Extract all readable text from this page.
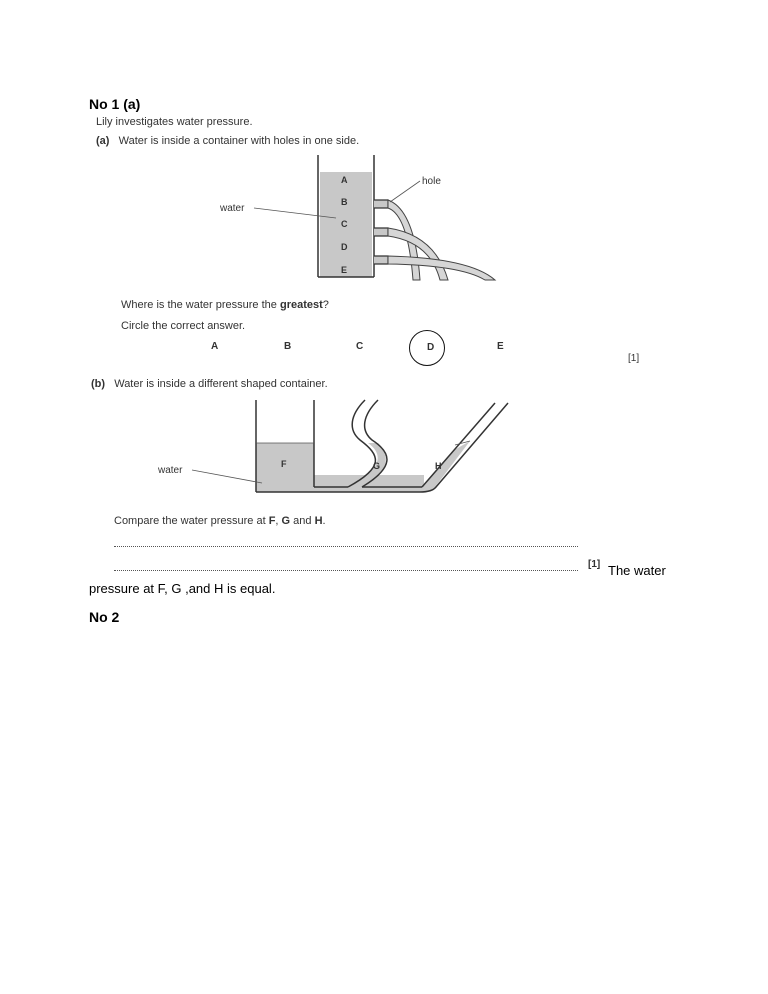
No 1 (a)
Lily investigates water pressure.
(a) Water is inside a container with holes in one side.
A
B
C
D
E
water
hole
Where is the water pressure the greatest?
Circle the correct answer.
A	B	C	D	E
[1]
(b) Water is inside a different shaped container.
F	G	H
water
Compare the water pressure at F, G and H.
[1] The water
pressure at F, G ,and H is equal.
No 2
